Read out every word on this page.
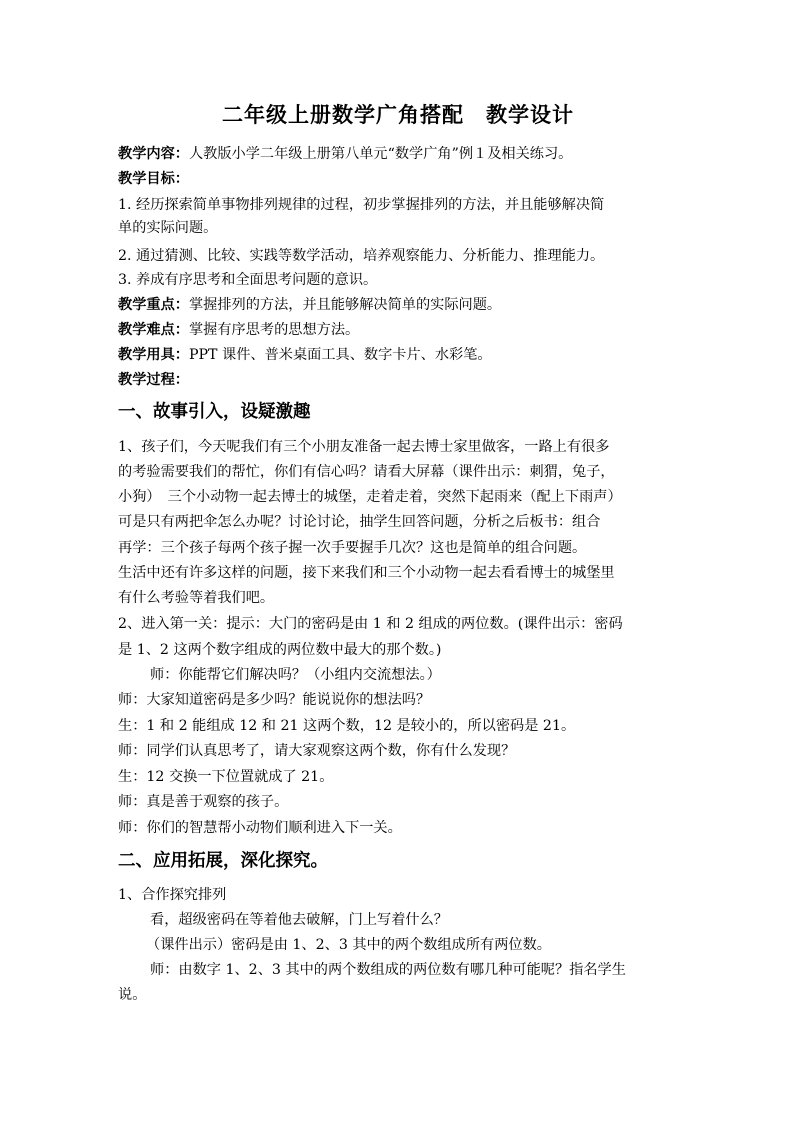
二年级上册数学广角搭配　教学设计
教学内容：人教版小学二年级上册第八单元“数学广角”例１及相关练习。
教学目标：
1. 经历探索简单事物排列规律的过程，初步掌握排列的方法，并且能够解决简
单的实际问题。
2. 通过猜测、比较、实践等数学活动，培养观察能力、分析能力、推理能力。
3. 养成有序思考和全面思考问题的意识。
教学重点：掌握排列的方法，并且能够解决简单的实际问题。
教学难点：掌握有序思考的思想方法。
教学用具：PPT 课件、普米桌面工具、数字卡片、水彩笔。
教学过程：
一、故事引入，设疑激趣
1、孩子们，今天呢我们有三个小朋友准备一起去博士家里做客，一路上有很多
的考验需要我们的帮忙，你们有信心吗？请看大屏幕（课件出示：刺猬，兔子，
小狗）　三个小动物一起去博士的城堡，走着走着，突然下起雨来（配上下雨声）
可是只有两把伞怎么办呢？讨论讨论，抽学生回答问题，分析之后板书：组合
再学：三个孩子每两个孩子握一次手要握手几次？这也是简单的组合问题。
生活中还有许多这样的问题，接下来我们和三个小动物一起去看看博士的城堡里
有什么考验等着我们吧。
2、进入第一关：提示：大门的密码是由 1 和 2 组成的两位数。(课件出示：密码
是 1、2 这两个数字组成的两位数中最大的那个数。)
师：你能帮它们解决吗？（小组内交流想法。）
师：大家知道密码是多少吗？能说说你的想法吗？
生：1 和 2 能组成 12 和 21 这两个数，12 是较小的，所以密码是 21。
师：同学们认真思考了，请大家观察这两个数，你有什么发现？
生：12 交换一下位置就成了 21。
师：真是善于观察的孩子。
师：你们的智慧帮小动物们顺利进入下一关。
二、应用拓展，深化探究。
1、合作探究排列
看，超级密码在等着他去破解，门上写着什么？
（课件出示）密码是由 1、2、3 其中的两个数组成所有两位数。
师：由数字 1、2、3 其中的两个数组成的两位数有哪几种可能呢？指名学生
说。
